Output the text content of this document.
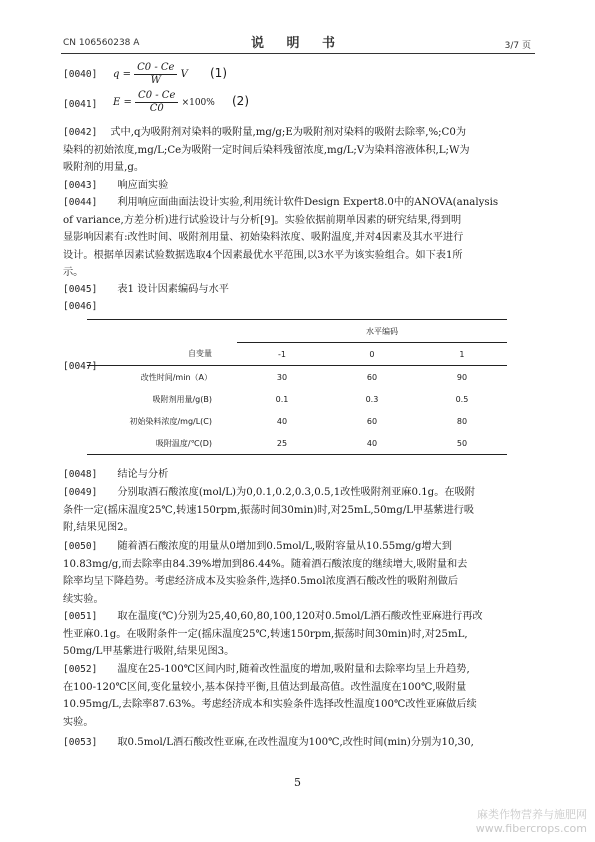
CN 106560238 A	说 明 书	3/7 页
[0040] $q = \frac{C0 - Ce}{W}$ V (1)
[0041] $E = \frac{C0 - Ce}{C0} \times 100\%$ (2)
[0042] 式中,q为吸附剂对染料的吸附量,mg/g;E为吸附剂对染料的吸附去除率,%;C0为
染料的初始浓度,mg/L;Ce为吸附一定时间后染料残留浓度,mg/L;V为染料溶液体积,L;W为
吸附剂的用量,g。
[0043] 响应面实验
[0044] 利用响应面曲面法设计实验,利用统计软件Design Expert8.0中的ANOVA(analysis
of variance,方差分析)进行试验设计与分析[9]。实验依据前期单因素的研究结果,得到明
显影响因素有:改性时间、吸附剂用量、初始染料浓度、吸附温度,并对4因素及其水平进行
设计。根据单因素试验数据选取4个因素最优水平范围,以3水平为该实验组合。如下表1所
示。
[0045] 表1 设计因素编码与水平
[0046]
[0047]
	水平编码		
自变量	-1	0	1
改性时间/min（A）	30	60	90
吸附剂用量/g(B)	0.1	0.3	0.5
初始染料浓度/mg/L(C)	40	60	80
吸附温度/℃(D)	25	40	50
[0048] 结论与分析
[0049] 分别取酒石酸浓度(mol/L)为0,0.1,0.2,0.3,0.5,1改性吸附剂亚麻0.1g。在吸附
条件一定(摇床温度25℃,转速150rpm,振荡时间30min)时,对25mL,50mg/L甲基紫进行吸
附,结果见图2。
[0050] 随着酒石酸浓度的用量从0增加到0.5mol/L,吸附容量从10.55mg/g增大到
10.83mg/g,而去除率由84.39%增加到86.44%。随着酒石酸浓度的继续增大,吸附量和去
除率均呈下降趋势。考虑经济成本及实验条件,选择0.5mol浓度酒石酸改性的吸附剂做后
续实验。
[0051] 取在温度(℃)分别为25,40,60,80,100,120对0.5mol/L酒石酸改性亚麻进行再改
性亚麻0.1g。在吸附条件一定(摇床温度25℃,转速150rpm,振荡时间30min)时,对25mL,
50mg/L甲基紫进行吸附,结果见图3。
[0052] 温度在25-100℃区间内时,随着改性温度的增加,吸附量和去除率均呈上升趋势,
在100-120℃区间,变化量较小,基本保持平衡,且值达到最高值。改性温度在100℃,吸附量
10.95mg/L,去除率87.63%。考虑经济成本和实验条件选择改性温度100℃改性亚麻做后续
实验。
[0053] 取0.5mol/L酒石酸改性亚麻,在改性温度为100℃,改性时间(min)分别为10,30,
5
麻类作物营养与施肥网
www.fibercrops.com
